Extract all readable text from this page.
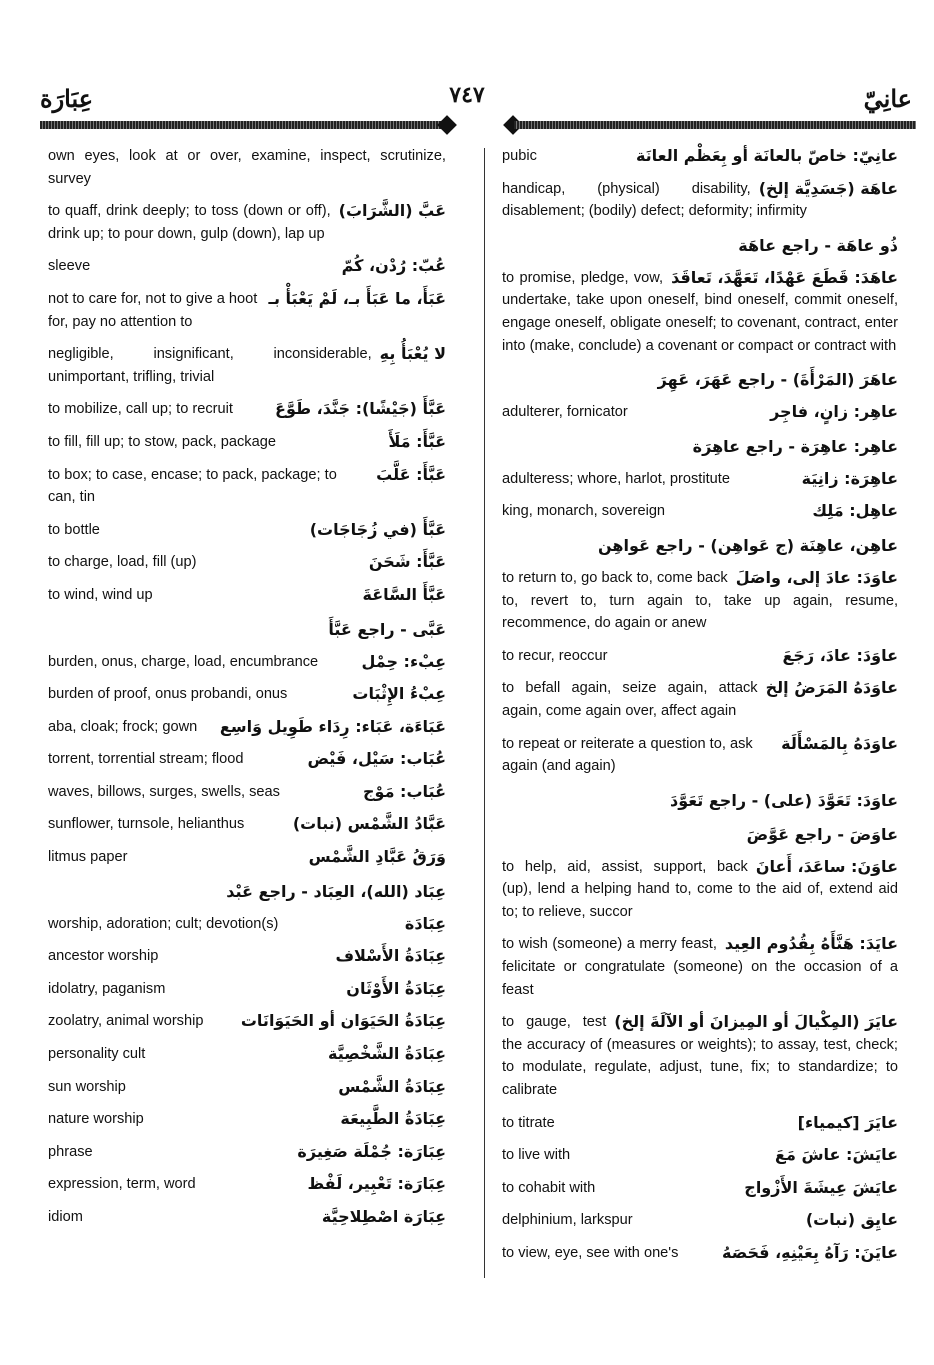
عِبَارَة	٧٤٧	عانِيّ
own eyes, look at or over, examine, inspect, scrutinize, survey
عَبَّ (الشَّرَابَ)
to quaff, drink deeply; to toss (down or off), drink up; to pour down, gulp (down), lap up
عُبّ: رُدْن، كُمّ
sleeve
عَبَأَ، ما عَبَأَ بـ، لَمْ يَعْبَأْ بـ
not to care for, not to give a hoot for, pay no attention to
لا يُعْبَأُ بِهِ
negligible, insignificant, inconsiderable, unimportant, trifling, trivial
عَبَّأَ (جَيْشًا): جَنَّدَ، طَوَّعَ
to mobilize, call up; to recruit
عَبَّأَ: مَلَأَ
to fill, fill up; to stow, pack, package
عَبَّأَ: عَلَّبَ
to box; to case, encase; to pack, package; to can, tin
عَبَّأَ (في زُجَاجَات)
to bottle
عَبَّأَ: شَحَنَ
to charge, load, fill (up)
عَبَّأَ السَّاعَةَ
to wind, wind up
عَبَّى - راجع عَبَّأَ
عِبْء: حِمْل
burden, onus, charge, load, encumbrance
عِبْءُ الإِثْبَات
burden of proof, onus probandi, onus
عَبَاءَة، عَبَاء: رِدَاء طَوِيل وَاسِع
aba, cloak; frock; gown
عُبَاب: سَيْل، فَيْض
torrent, torrential stream; flood
عُبَاب: مَوْج
waves, billows, surges, swells, seas
عَبَّادُ الشَّمْس (نبات)
sunflower, turnsole, helianthus
وَرَقُ عَبَّادِ الشَّمْس
litmus paper
عِبَاد (الله)، العِبَاد - راجع عَبْد
عِبَادَة
worship, adoration; cult; devotion(s)
عِبَادَةُ الأَسْلاف
ancestor worship
عِبَادَةُ الأَوْثَان
idolatry, paganism
عِبَادَةُ الحَيَوَان أو الحَيَوَانَات
zoolatry, animal worship
عِبَادَةُ الشَّخْصِيَّة
personality cult
عِبَادَةُ الشَّمْس
sun worship
عِبَادَةُ الطَّبِيعَة
nature worship
عِبَارَة: جُمْلَة صَغِيرَة
phrase
عِبَارَة: تَعْبِير، لَفْظ
expression, term, word
عِبَارَة اصْطِلاحِيَّة
idiom
عانِيّ: خاصّ بالعانَة أو بِعَظْم العانَة
pubic
عاهَة (جَسَدِيَّة إلخ)
handicap, (physical) disability, disablement; (bodily) defect; deformity; infirmity
ذُو عاهَة - راجع عاهَة
عاهَدَ: قَطَعَ عَهْدًا، تَعَهَّدَ، تَعاقَدَ
to promise, pledge, vow, undertake, take upon oneself, bind oneself, commit oneself, engage oneself, obligate oneself; to covenant, contract, enter into (make, conclude) a covenant or compact or contract with
عاهَرَ (المَرْأَةَ) - راجع عَهَرَ، عَهِرَ
عاهِر: زانٍ، فاجِر
adulterer, fornicator
عاهِر: عاهِرَة - راجع عاهِرَة
عاهِرَة: زانِيَة
adulteress; whore, harlot, prostitute
عاهِل: مَلِك
king, monarch, sovereign
عاهِن، عاهِنَة (ج عَواهِن) - راجع عَواهِن
عاوَدَ: عادَ إلى، واصَلَ
to return to, go back to, come back to, revert to, turn again to, take up again, resume, recommence, do again or anew
عاوَدَ: عادَ، رَجَعَ
to recur, reoccur
عاوَدَهُ المَرَضُ إلخ
to befall again, seize again, attack again, come again over, affect again
عاوَدَهُ بِالمَسْأَلَة
to repeat or reiterate a question to, ask again (and again)
عاوَدَ: تَعَوَّدَ (على) - راجع تَعَوَّدَ
عاوَضَ - راجع عَوَّضَ
عاوَنَ: ساعَدَ، أَعانَ
to help, aid, assist, support, back (up), lend a helping hand to, come to the aid of, extend aid to; to relieve, succor
عايَدَ: هَنَّأَهُ بِقُدُوم العِيد
to wish (someone) a merry feast, felicitate or congratulate (someone) on the occasion of a feast
عايَرَ (المِكْيالَ أو المِيزانَ أو الآلَةَ إلخ)
to gauge, test the accuracy of (measures or weights); to assay, test, check; to modulate, regulate, adjust, tune, fix; to standardize; to calibrate
عايَرَ [كيمياء]
to titrate
عايَشَ: عاشَ مَعَ
to live with
عايَشَ عِيشَةَ الأَزْواج
to cohabit with
عايِق (نبات)
delphinium, larkspur
عايَنَ: رَآهُ بِعَيْنِهِ، فَحَصَهُ
to view, eye, see with one's
